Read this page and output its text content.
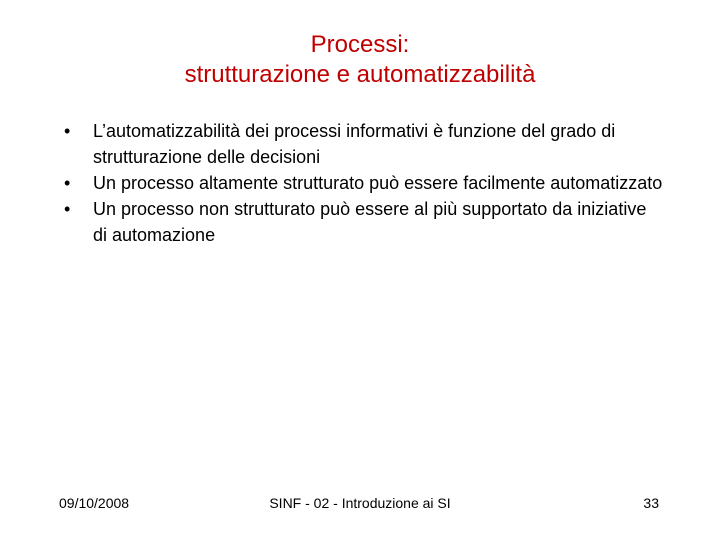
Processi:
strutturazione e automatizzabilità
• L’automatizzabilità dei processi informativi è funzione del grado di strutturazione delle decisioni
• Un processo altamente strutturato può essere facilmente automatizzato
• Un processo non strutturato può essere al più supportato da iniziative di automazione
09/10/2008	SINF - 02 - Introduzione ai SI	33
